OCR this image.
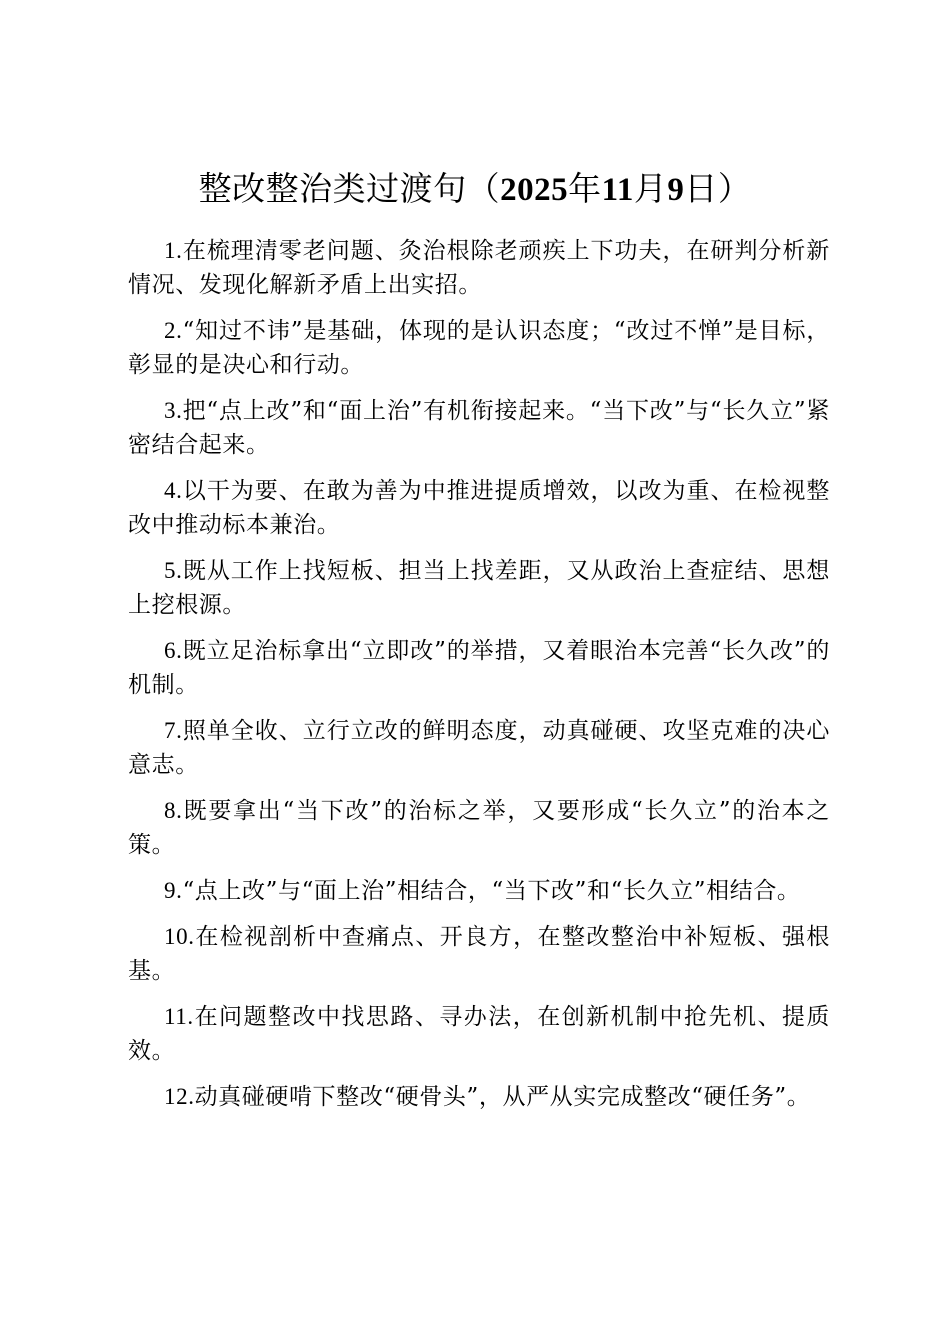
整改整治类过渡句（2025年11月9日）

1.在梳理清零老问题、灸治根除老顽疾上下功夫，在研判分析新情况、发现化解新矛盾上出实招。

2.“知过不讳”是基础，体现的是认识态度；“改过不惮”是目标，彰显的是决心和行动。

3.把“点上改”和“面上治”有机衔接起来。“当下改”与“长久立”紧密结合起来。

4.以干为要、在敢为善为中推进提质增效，以改为重、在检视整改中推动标本兼治。

5.既从工作上找短板、担当上找差距，又从政治上查症结、思想上挖根源。

6.既立足治标拿出“立即改”的举措，又着眼治本完善“长久改”的机制。

7.照单全收、立行立改的鲜明态度，动真碰硬、攻坚克难的决心意志。

8.既要拿出“当下改”的治标之举，又要形成“长久立”的治本之策。

9.“点上改”与“面上治”相结合，“当下改”和“长久立”相结合。

10.在检视剖析中查痛点、开良方，在整改整治中补短板、强根基。

11.在问题整改中找思路、寻办法，在创新机制中抢先机、提质效。

12.动真碰硬啃下整改“硬骨头”，从严从实完成整改“硬任务”。
